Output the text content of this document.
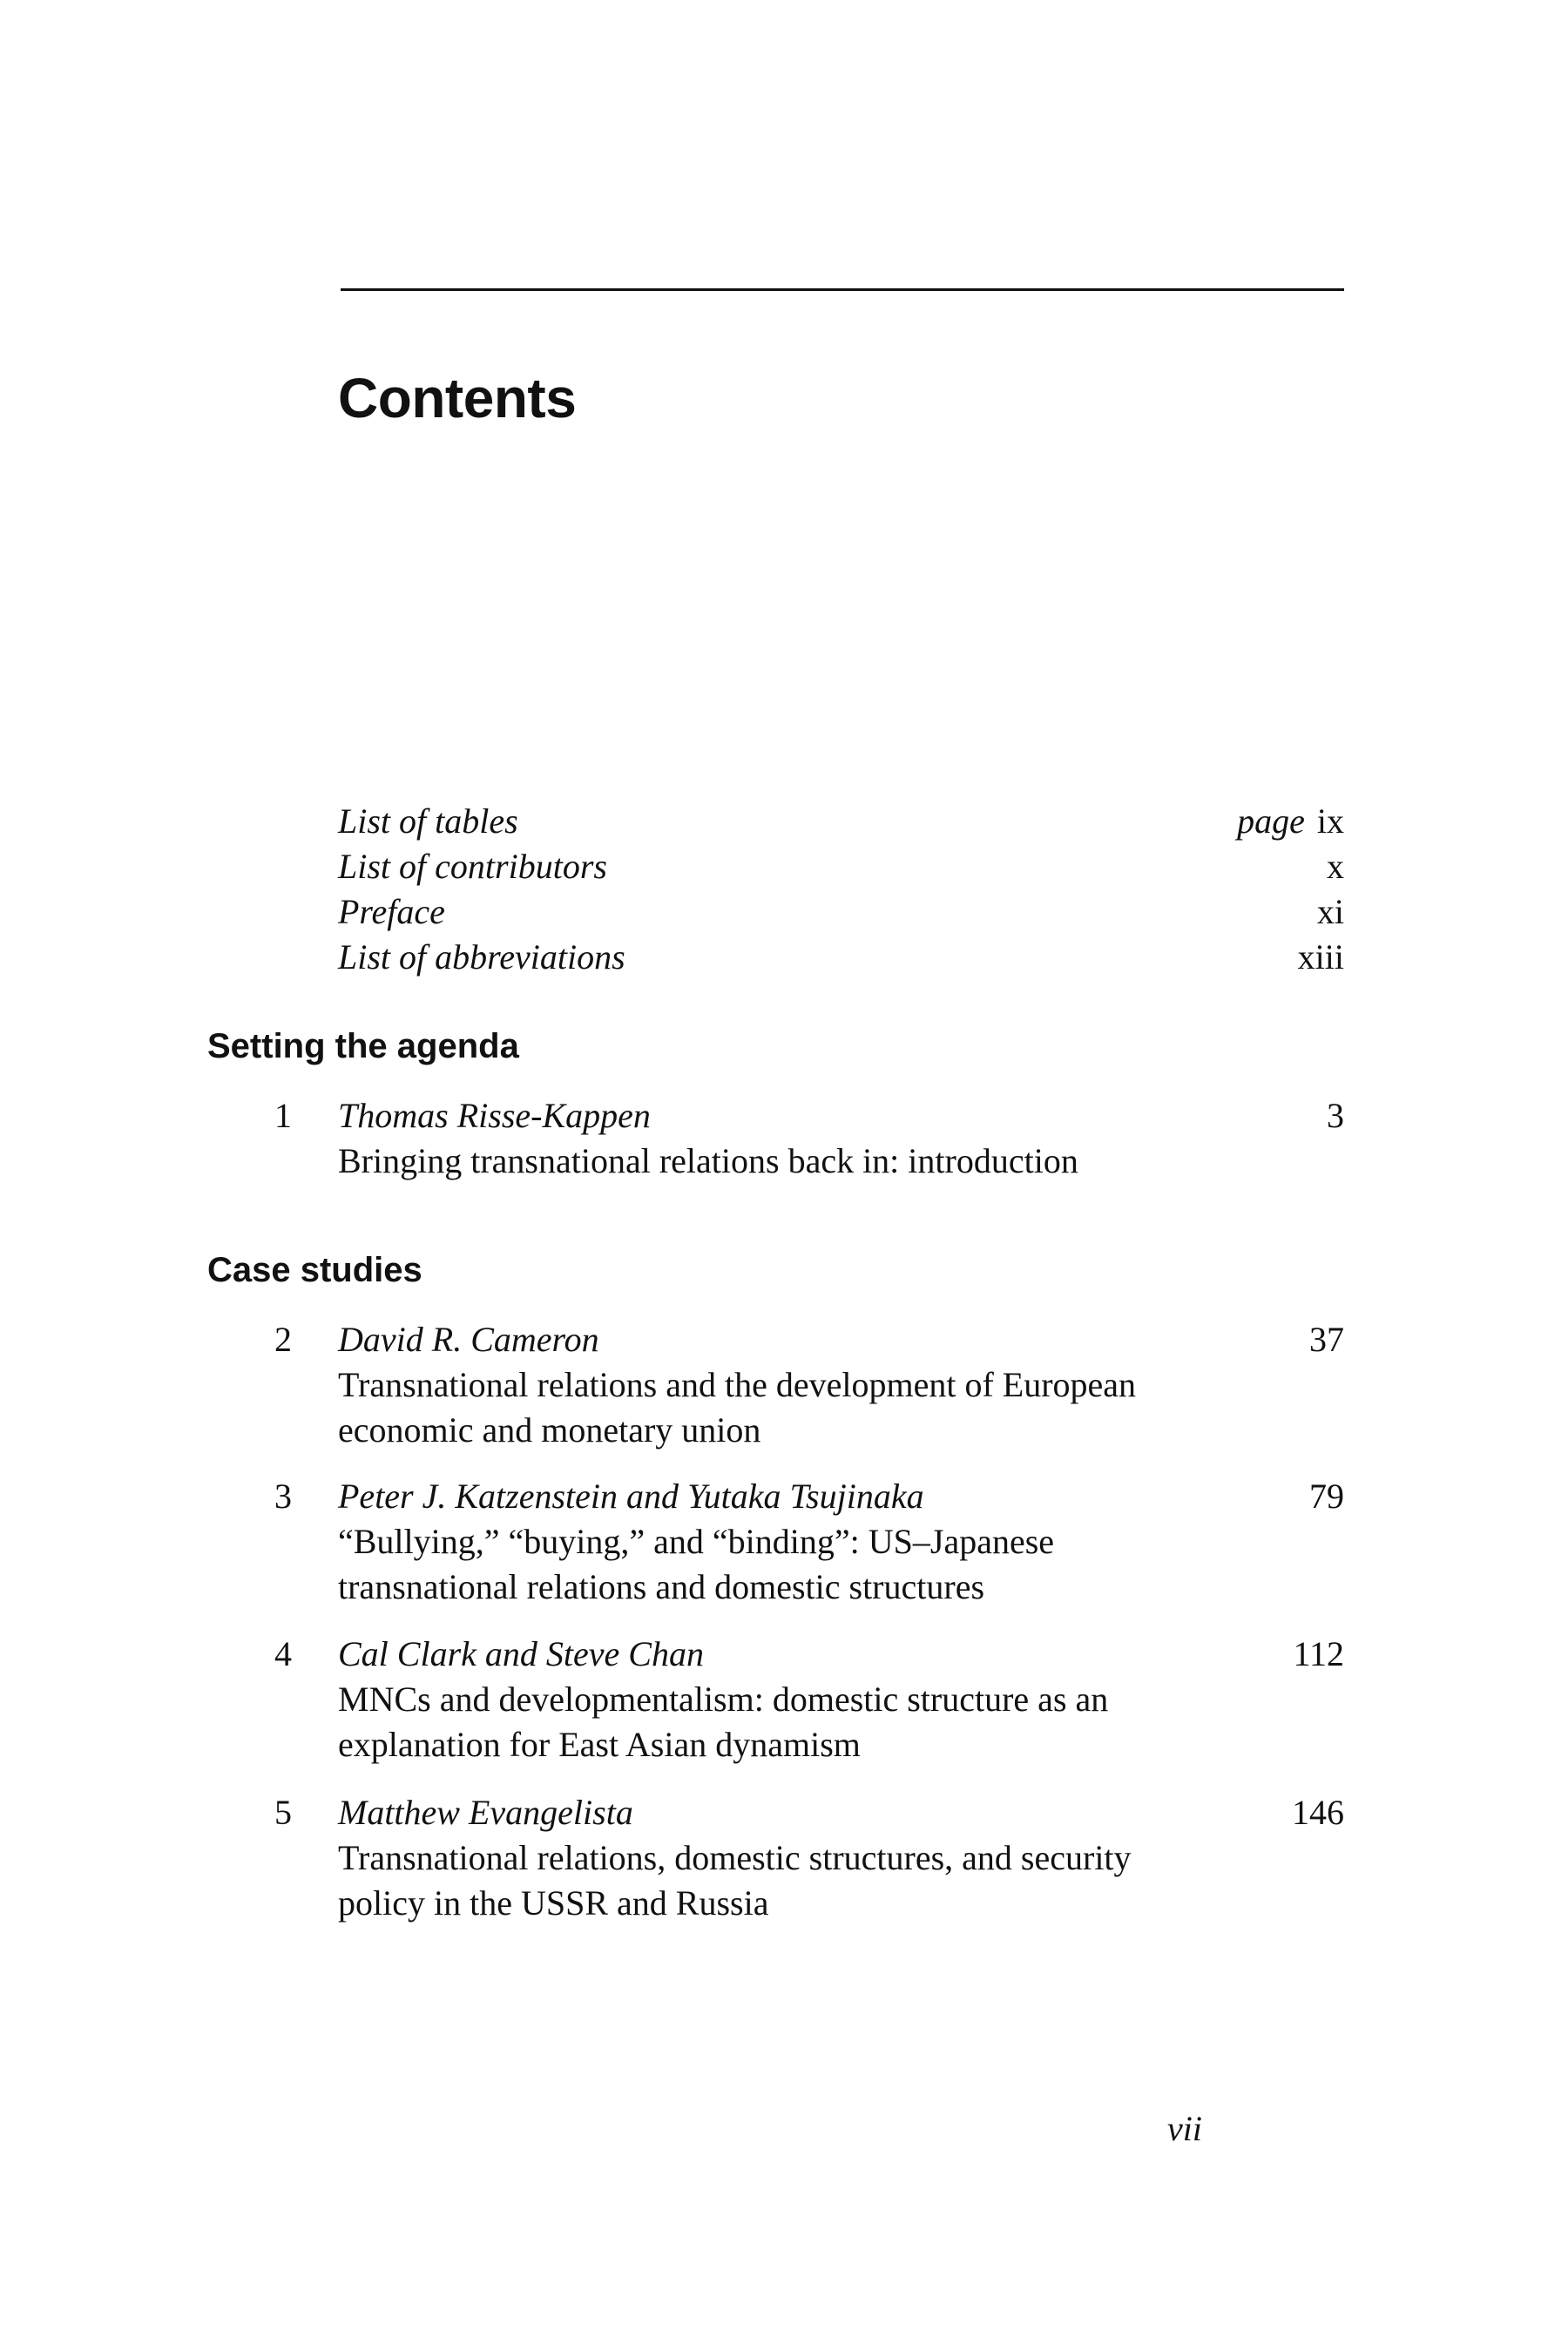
Contents
List of tables	page ix
List of contributors	x
Preface	xi
List of abbreviations	xiii
Setting the agenda
1	Thomas Risse-Kappen	3
Bringing transnational relations back in: introduction
Case studies
2	David R. Cameron	37
Transnational relations and the development of European economic and monetary union
3	Peter J. Katzenstein and Yutaka Tsujinaka	79
“Bullying,” “buying,” and “binding”: US–Japanese transnational relations and domestic structures
4	Cal Clark and Steve Chan	112
MNCs and developmentalism: domestic structure as an explanation for East Asian dynamism
5	Matthew Evangelista	146
Transnational relations, domestic structures, and security policy in the USSR and Russia
vii
